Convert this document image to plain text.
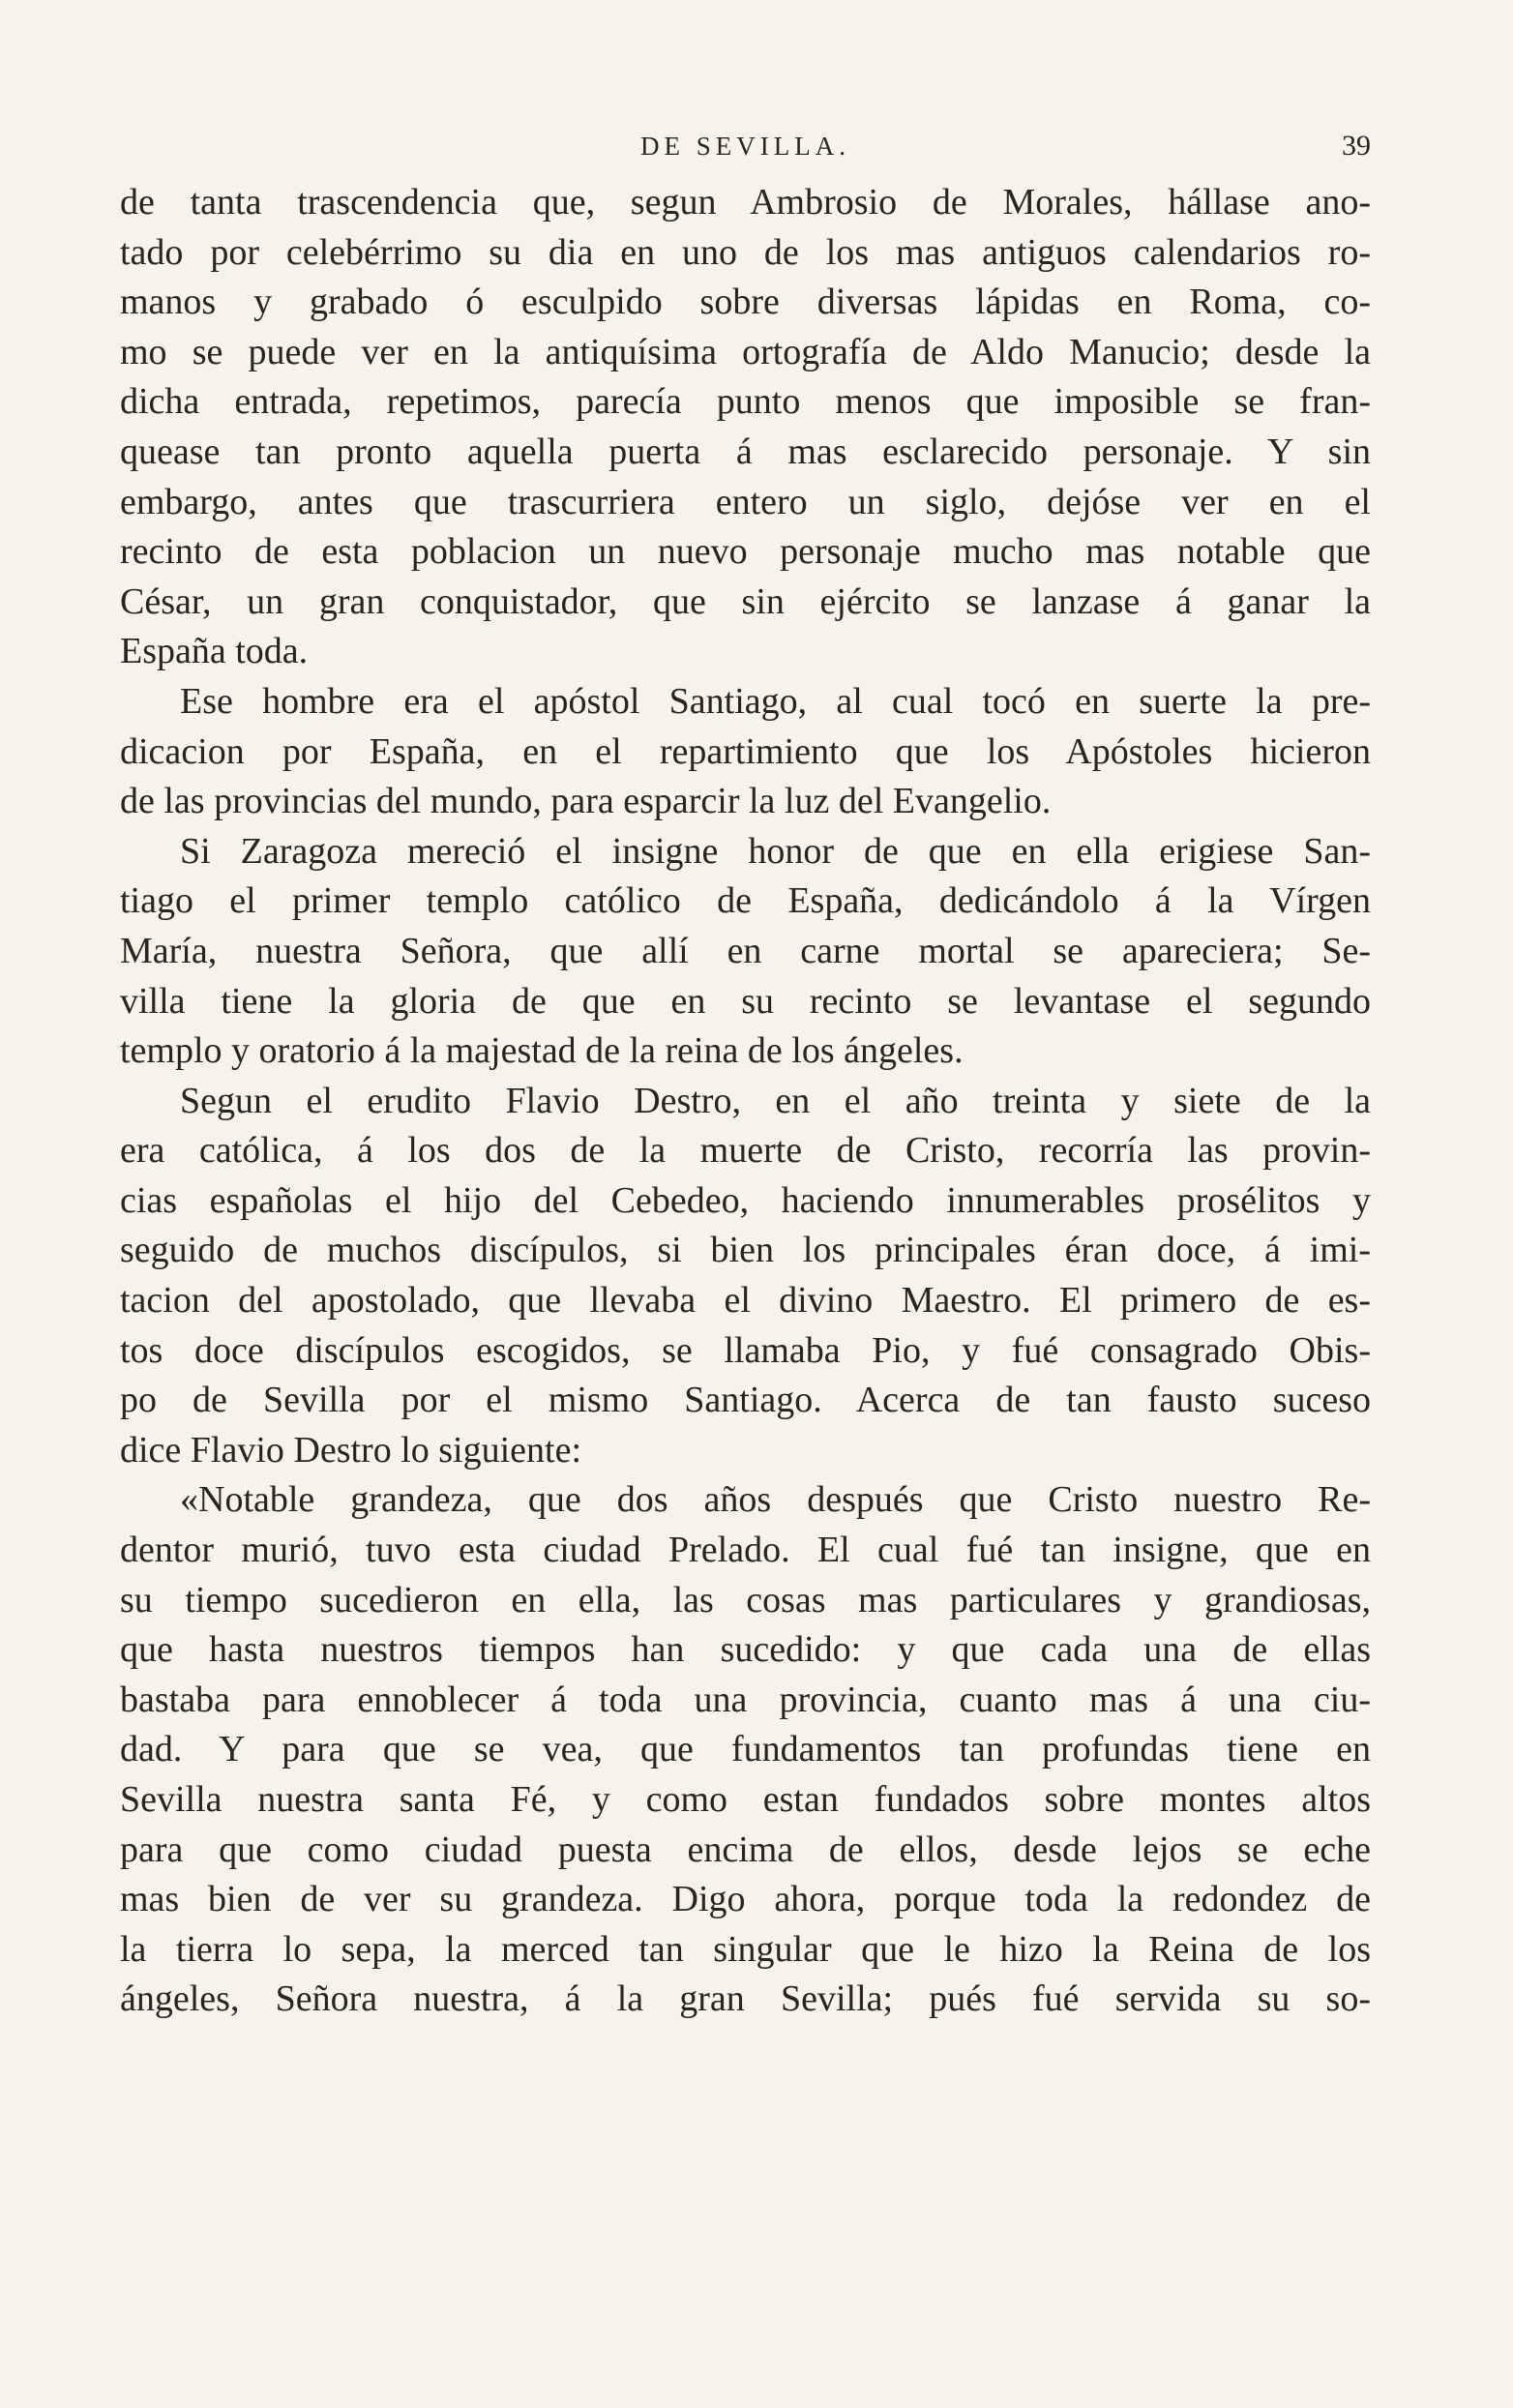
DE SEVILLA.	39
de tanta trascendencia que, segun Ambrosio de Morales, hállase ano-
tado por celebérrimo su dia en uno de los mas antiguos calendarios ro-
manos y grabado ó esculpido sobre diversas lápidas en Roma, co-
mo se puede ver en la antiquísima ortografía de Aldo Manucio; desde la
dicha entrada, repetimos, parecía punto menos que imposible se fran-
quease tan pronto aquella puerta á mas esclarecido personaje. Y sin
embargo, antes que trascurriera entero un siglo, dejóse ver en el
recinto de esta poblacion un nuevo personaje mucho mas notable que
César, un gran conquistador, que sin ejército se lanzase á ganar la
España toda.
Ese hombre era el apóstol Santiago, al cual tocó en suerte la pre-
dicacion por España, en el repartimiento que los Apóstoles hicieron
de las provincias del mundo, para esparcir la luz del Evangelio.
Si Zaragoza mereció el insigne honor de que en ella erigiese San-
tiago el primer templo católico de España, dedicándolo á la Vírgen
María, nuestra Señora, que allí en carne mortal se apareciera; Se-
villa tiene la gloria de que en su recinto se levantase el segundo
templo y oratorio á la majestad de la reina de los ángeles.
Segun el erudito Flavio Destro, en el año treinta y siete de la
era católica, á los dos de la muerte de Cristo, recorría las provin-
cias españolas el hijo del Cebedeo, haciendo innumerables prosélitos y
seguido de muchos discípulos, si bien los principales éran doce, á imi-
tacion del apostolado, que llevaba el divino Maestro. El primero de es-
tos doce discípulos escogidos, se llamaba Pio, y fué consagrado Obis-
po de Sevilla por el mismo Santiago. Acerca de tan fausto suceso
dice Flavio Destro lo siguiente:
«Notable grandeza, que dos años después que Cristo nuestro Re-
dentor murió, tuvo esta ciudad Prelado. El cual fué tan insigne, que en
su tiempo sucedieron en ella, las cosas mas particulares y grandiosas,
que hasta nuestros tiempos han sucedido: y que cada una de ellas
bastaba para ennoblecer á toda una provincia, cuanto mas á una ciu-
dad. Y para que se vea, que fundamentos tan profundas tiene en
Sevilla nuestra santa Fé, y como estan fundados sobre montes altos
para que como ciudad puesta encima de ellos, desde lejos se eche
mas bien de ver su grandeza. Digo ahora, porque toda la redondez de
la tierra lo sepa, la merced tan singular que le hizo la Reina de los
ángeles, Señora nuestra, á la gran Sevilla; pués fué servida su so-
